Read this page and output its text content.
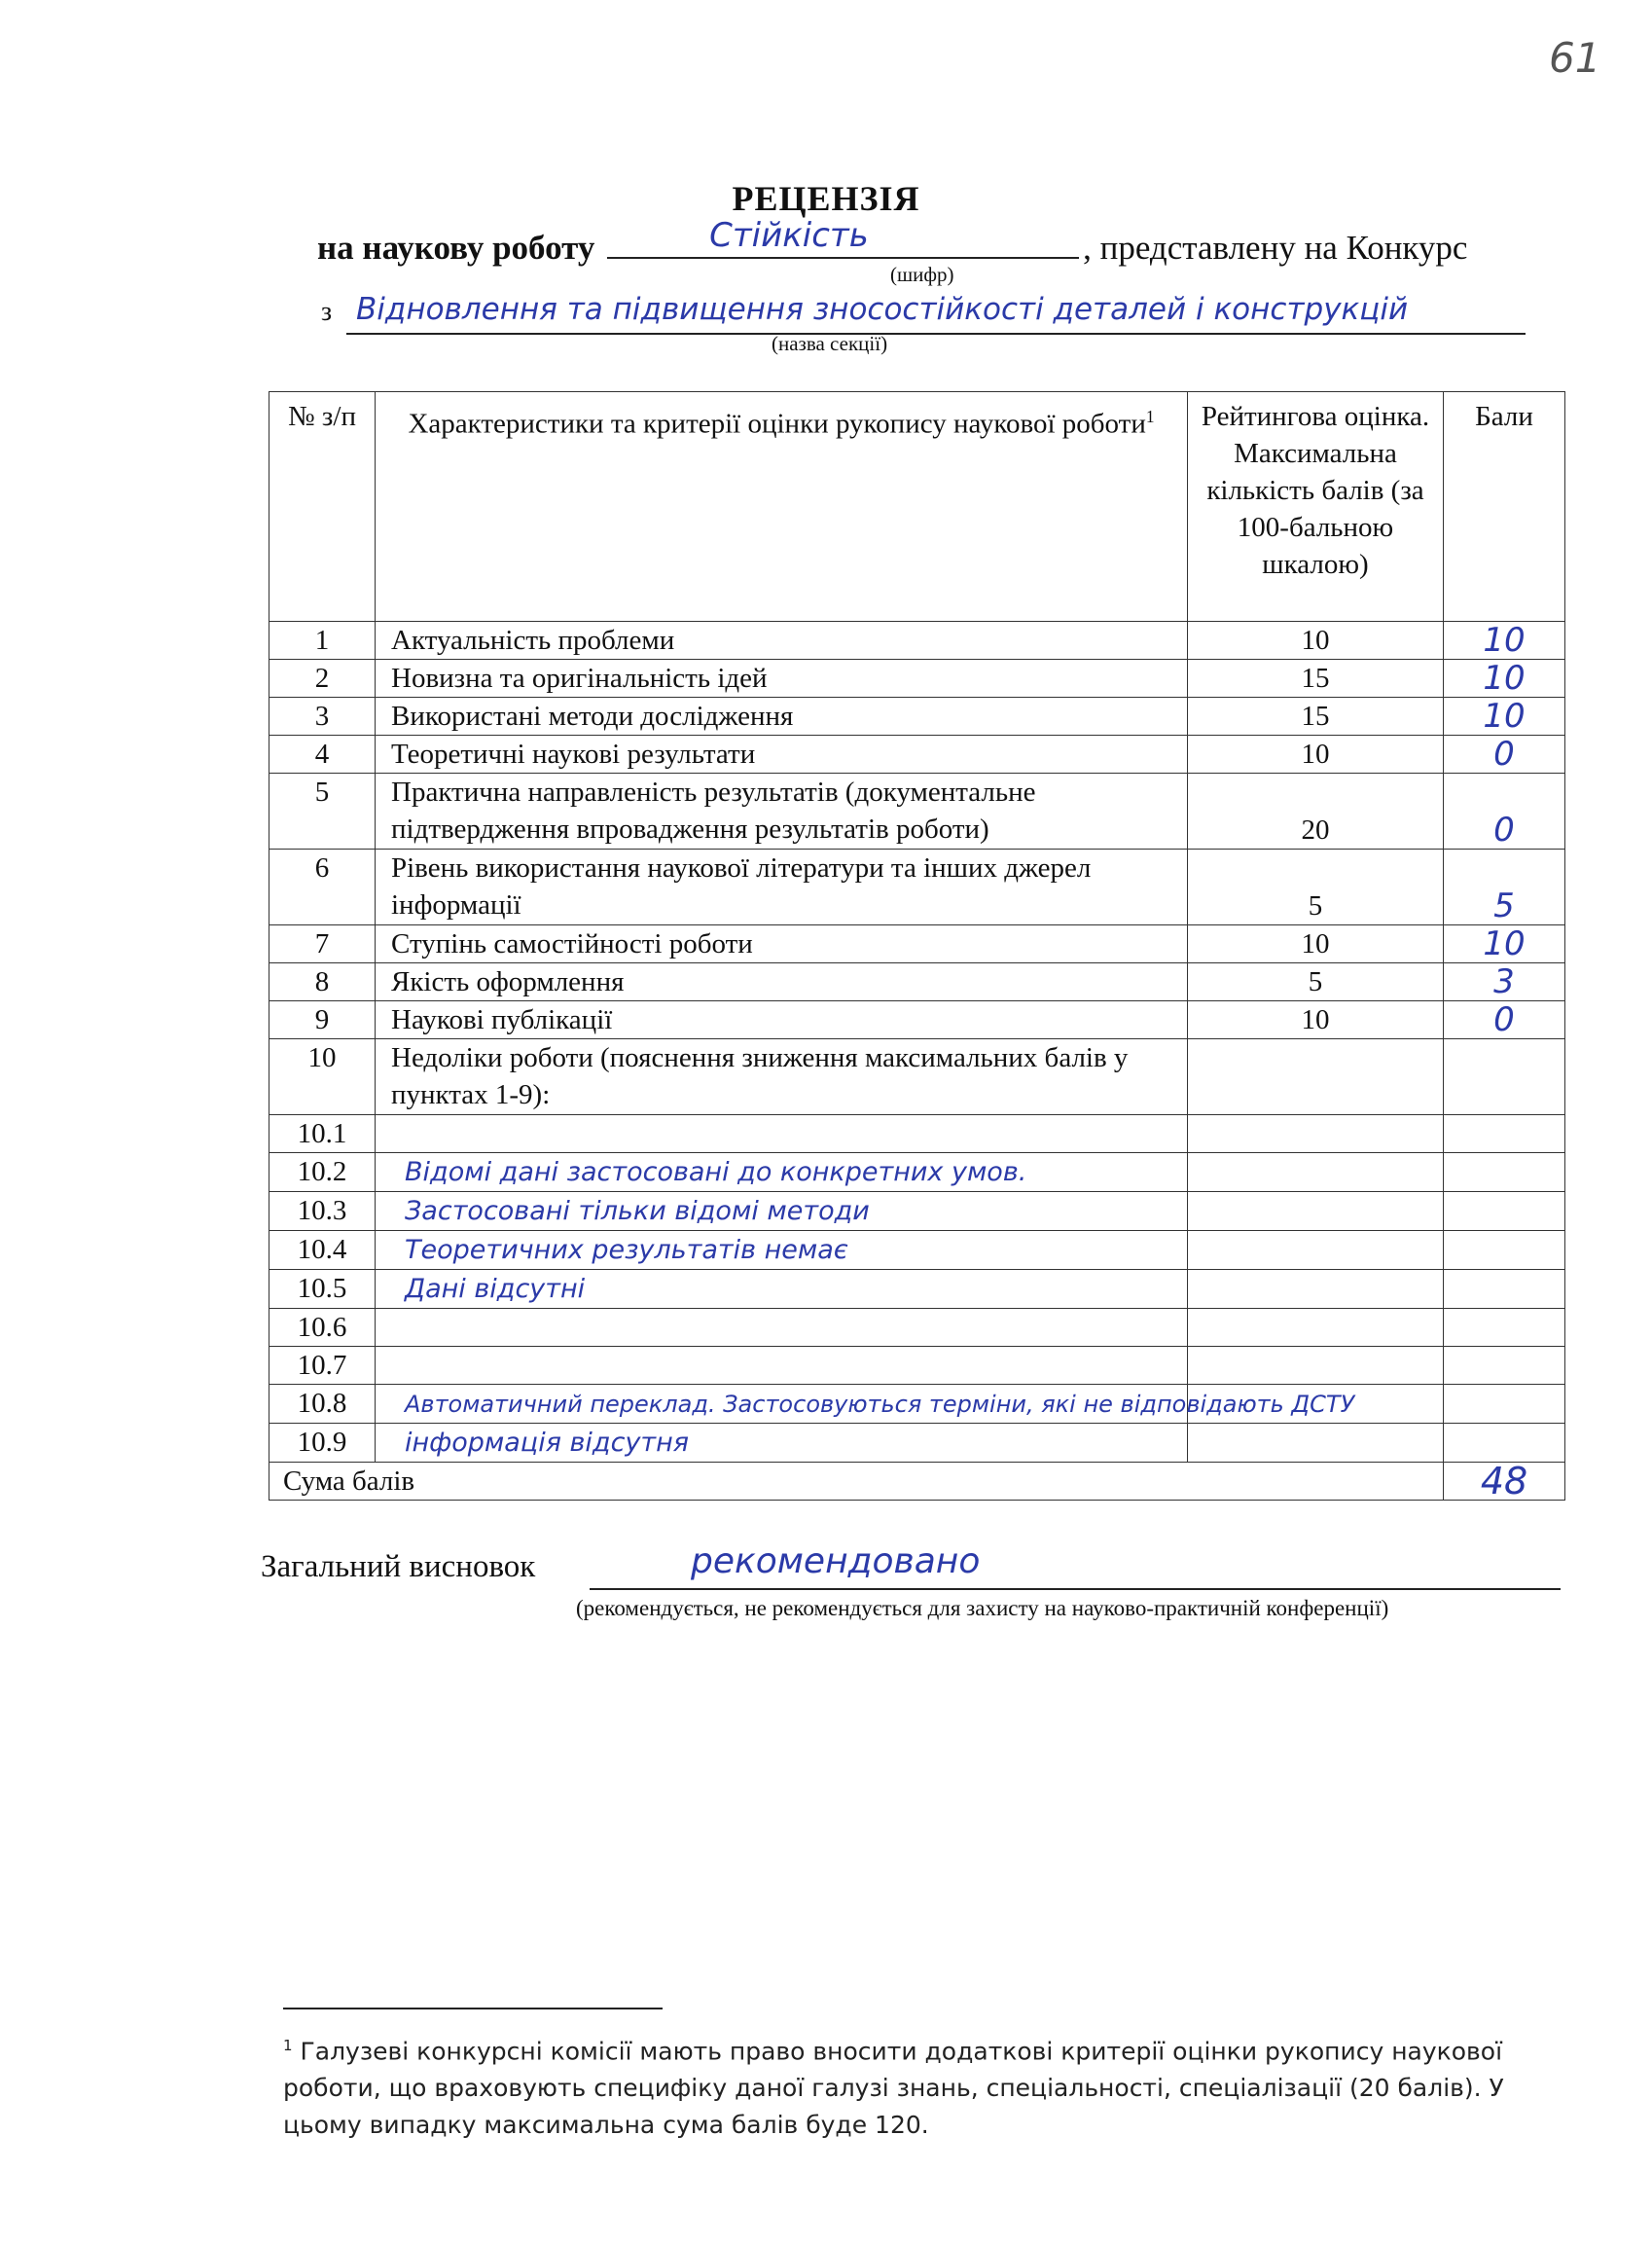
61
РЕЦЕНЗІЯ
на наукову роботу	Стійкість	, представлену на Конкурс
(шифр)
з Відновлення та підвищення зносостійкості деталей і конструкцій
(назва секції)
№ з/п	Характеристики та критерії оцінки рукопису наукової роботи$^1$	Рейтингова оцінка. Максимальна кількість балів (за 100-бальною шкалою)	Бали
1	Актуальність проблеми	10	10
2	Новизна та оригінальність ідей	15	10
3	Використані методи дослідження	15	10
4	Теоретичні наукові результати	10	0
5	Практична направленість результатів (документальне підтвердження впровадження результатів роботи)	20	0
6	Рівень використання наукової літератури та інших джерел інформації	5	5
7	Ступінь самостійності роботи	10	10
8	Якість оформлення	5	3
9	Наукові публікації	10	0
10	Недоліки роботи (пояснення зниження максимальних балів у пунктах 1-9):		
10.1			
10.2	Відомі дані застосовані до конкретних умов.		
10.3	Застосовані тільки відомі методи		
10.4	Теоретичних результатів немає		
10.5	Дані відсутні		
10.6			
10.7			
10.8	Автоматичний переклад. Застосовуються терміни, які не відповідають ДСТУ		
10.9	інформація відсутня		
Сума балів			48
Загальний висновок	рекомендовано
(рекомендується, не рекомендується для захисту на науково-практичній конференції)
$^1$ Галузеві конкурсні комісії мають право вносити додаткові критерії оцінки рукопису наукової роботи, що враховують специфіку даної галузі знань, спеціальності, спеціалізації (20 балів). У цьому випадку максимальна сума балів буде 120.
